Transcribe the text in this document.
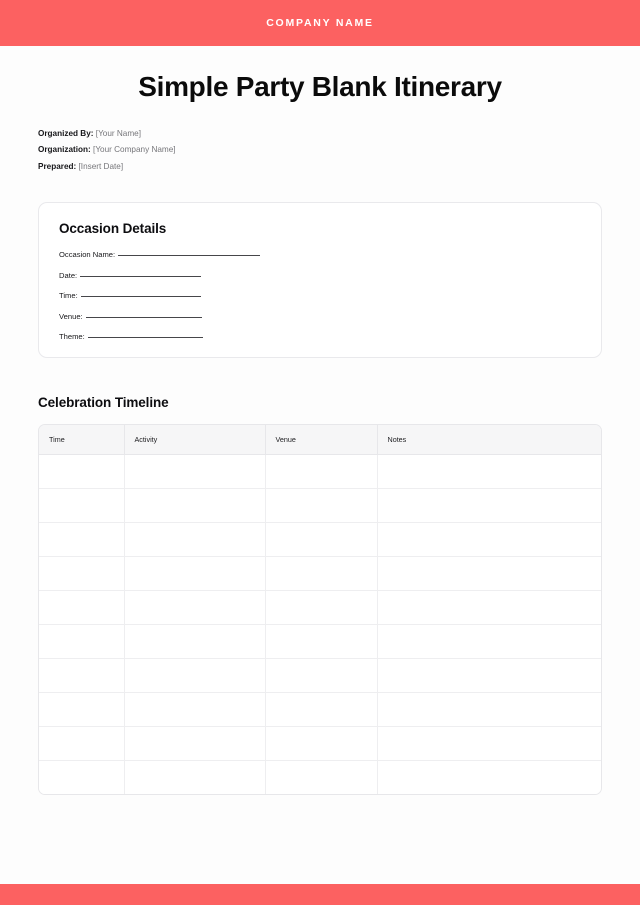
COMPANY NAME
Simple Party Blank Itinerary
Organized By: [Your Name]
Organization: [Your Company Name]
Prepared: [Insert Date]
Occasion Details
Occasion Name:
Date:
Time:
Venue:
Theme:
Celebration Timeline
Time	Activity	Venue	Notes
